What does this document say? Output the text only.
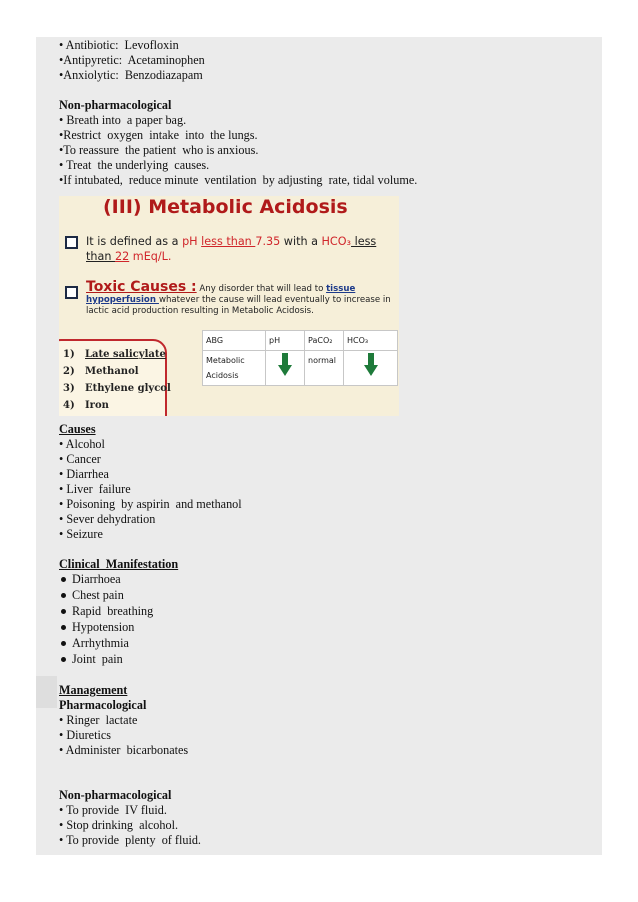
• Antibiotic:  Levofloxin
•Antipyretic:  Acetaminophen
•Anxiolytic:  Benzodiazapam
Non-pharmacological
• Breath into  a paper bag.
•Restrict  oxygen  intake  into  the lungs.
•To reassure  the patient  who is anxious.
• Treat  the underlying  causes.
•If intubated,  reduce minute  ventilation  by adjusting  rate, tidal volume.
(III) Metabolic Acidosis
It is defined as a pH less than 7.35 with a HCO₃ less than 22 mEq/L.
Toxic Causes : Any disorder that will lead to tissue hypoperfusion whatever the cause will lead eventually to increase in lactic acid production resulting in Metabolic Acidosis.
1) Late salicylate
2) Methanol
3) Ethylene glycol
4) Iron
ABG	pH	PaCO₂	HCO₃
Metabolic Acidosis		normal	
Causes
• Alcohol
• Cancer
• Diarrhea
• Liver  failure
• Poisoning  by aspirin  and methanol
• Sever dehydration
• Seizure
Clinical  Manifestation
Diarrhoea
Chest pain
Rapid  breathing
Hypotension
Arrhythmia
Joint  pain
Management
Pharmacological
• Ringer  lactate
• Diuretics
• Administer  bicarbonates
Non-pharmacological
• To provide  IV fluid.
• Stop drinking  alcohol.
• To provide  plenty  of fluid.
